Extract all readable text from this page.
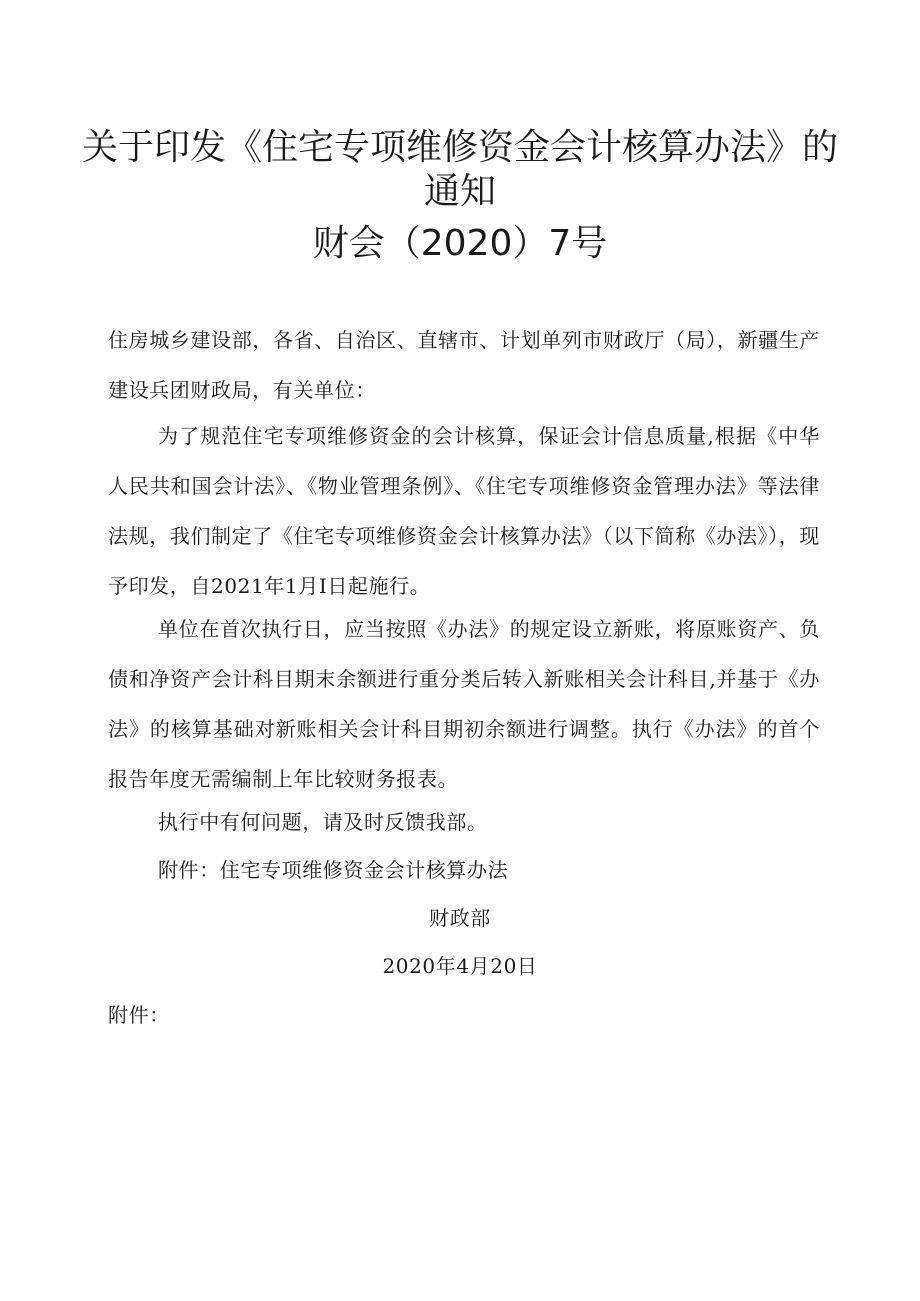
关于印发《住宅专项维修资金会计核算办法》的
通知
财会（2020）7号

住房城乡建设部，各省、自治区、直辖市、计划单列市财政厅（局），新疆生产建设兵团财政局，有关单位：

为了规范住宅专项维修资金的会计核算，保证会计信息质量,根据《中华人民共和国会计法》、《物业管理条例》、《住宅专项维修资金管理办法》等法律法规，我们制定了《住宅专项维修资金会计核算办法》（以下简称《办法》），现予印发，自2021年1月I日起施行。

单位在首次执行日，应当按照《办法》的规定设立新账，将原账资产、负债和净资产会计科目期末余额进行重分类后转入新账相关会计科目,并基于《办法》的核算基础对新账相关会计科目期初余额进行调整。执行《办法》的首个报告年度无需编制上年比较财务报表。

执行中有何问题，请及时反馈我部。

附件：住宅专项维修资金会计核算办法

财政部
2020年4月20日
附件：
